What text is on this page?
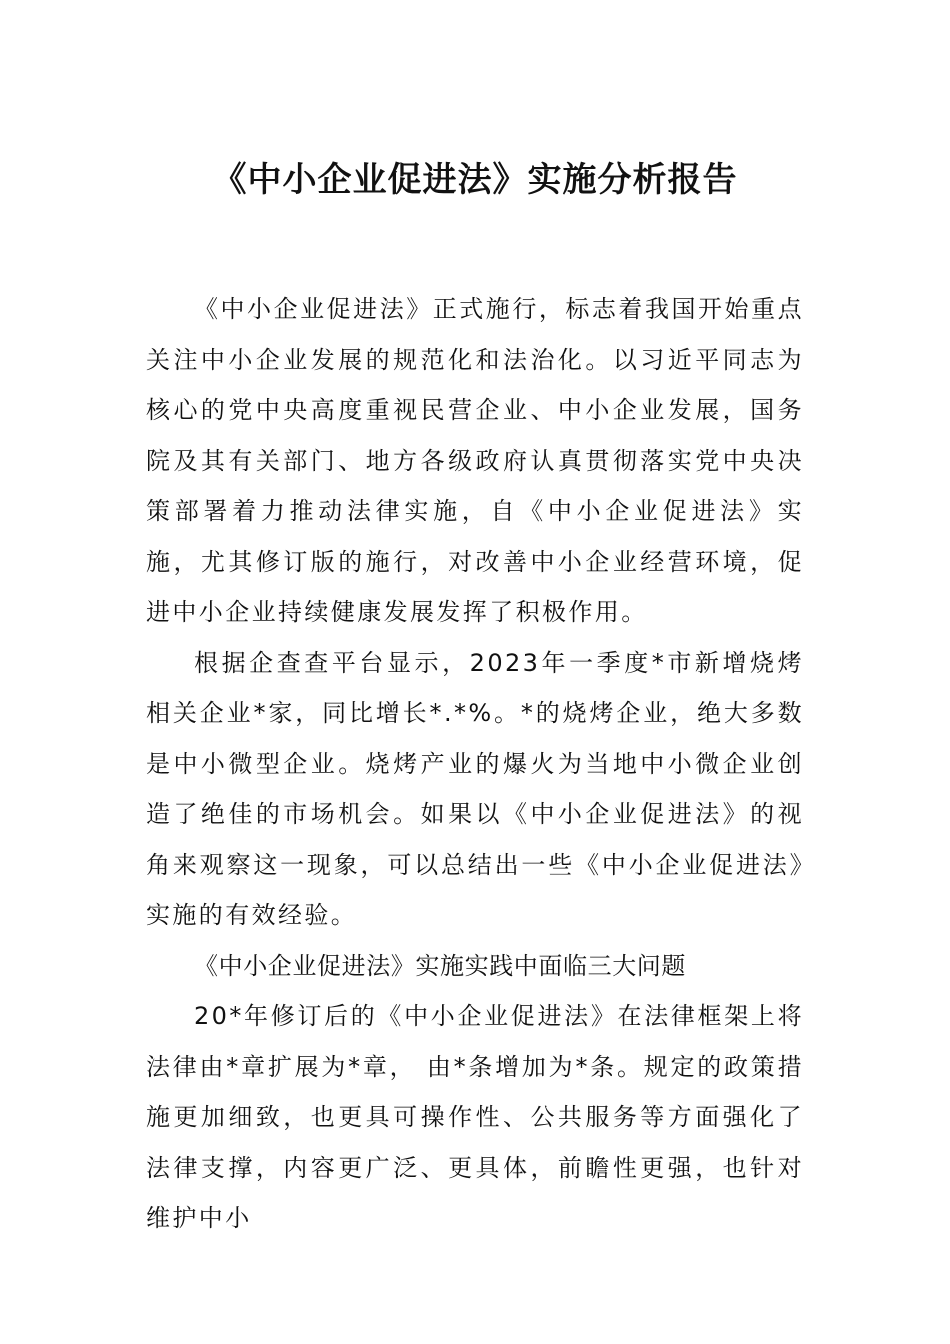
《中小企业促进法》实施分析报告

《中小企业促进法》正式施行，标志着我国开始重点关注中小企业发展的规范化和法治化。以习近平同志为核心的党中央高度重视民营企业、中小企业发展，国务院及其有关部门、地方各级政府认真贯彻落实党中央决策部署着力推动法律实施，自《中小企业促进法》实施，尤其修订版的施行，对改善中小企业经营环境，促进中小企业持续健康发展发挥了积极作用。

根据企查查平台显示，2023年一季度*市新增烧烤相关企业*家，同比增长*.*%。*的烧烤企业，绝大多数是中小微型企业。烧烤产业的爆火为当地中小微企业创造了绝佳的市场机会。如果以《中小企业促进法》的视角来观察这一现象，可以总结出一些《中小企业促进法》实施的有效经验。

《中小企业促进法》实施实践中面临三大问题

20*年修订后的《中小企业促进法》在法律框架上将法律由*章扩展为*章， 由*条增加为*条。规定的政策措施更加细致，也更具可操作性、公共服务等方面强化了法律支撑，内容更广泛、更具体，前瞻性更强，也针对维护中小
